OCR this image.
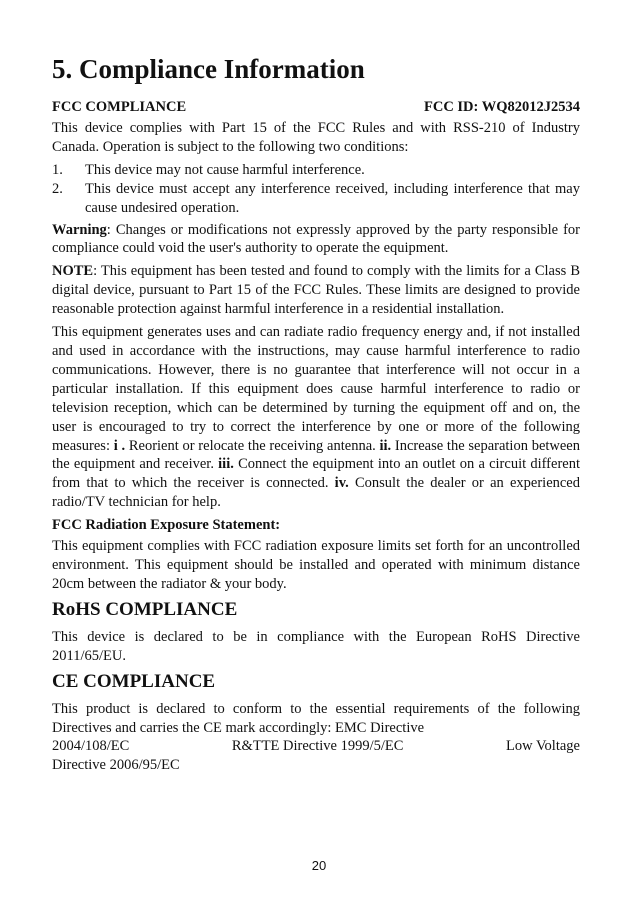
5. Compliance Information
FCC COMPLIANCE	FCC ID: WQ82012J2534

This device complies with Part 15 of the FCC Rules and with RSS-210 of Industry Canada. Operation is subject to the following two conditions:

1.	This device may not cause harmful interference.
2.	This device must accept any interference received, including interference that may cause undesired operation.

Warning: Changes or modifications not expressly approved by the party responsible for compliance could void the user's authority to operate the equipment.

NOTE: This equipment has been tested and found to comply with the limits for a Class B digital device, pursuant to Part 15 of the FCC Rules. These limits are designed to provide reasonable protection against harmful interference in a residential installation.

This equipment generates uses and can radiate radio frequency energy and, if not installed and used in accordance with the instructions, may cause harmful interference to radio communications. However, there is no guarantee that interference will not occur in a particular installation. If this equipment does cause harmful interference to radio or television reception, which can be determined by turning the equipment off and on, the user is encouraged to try to correct the interference by one or more of the following measures: i . Reorient or relocate the receiving antenna. ii. Increase the separation between the equipment and receiver. iii. Connect the equipment into an outlet on a circuit different from that to which the receiver is connected. iv. Consult the dealer or an experienced radio/TV technician for help.

FCC Radiation Exposure Statement:

This equipment complies with FCC radiation exposure limits set forth for an uncontrolled environment. This equipment should be installed and operated with minimum distance 20cm between the radiator & your body.

RoHS COMPLIANCE

This device is declared to be in compliance with the European RoHS Directive 2011/65/EU.

CE COMPLIANCE

This product is declared to conform to the essential requirements of the following Directives and carries the CE mark accordingly: EMC Directive

2004/108/EC	R&TTE Directive 1999/5/EC	Low Voltage
Directive 2006/95/EC
20
